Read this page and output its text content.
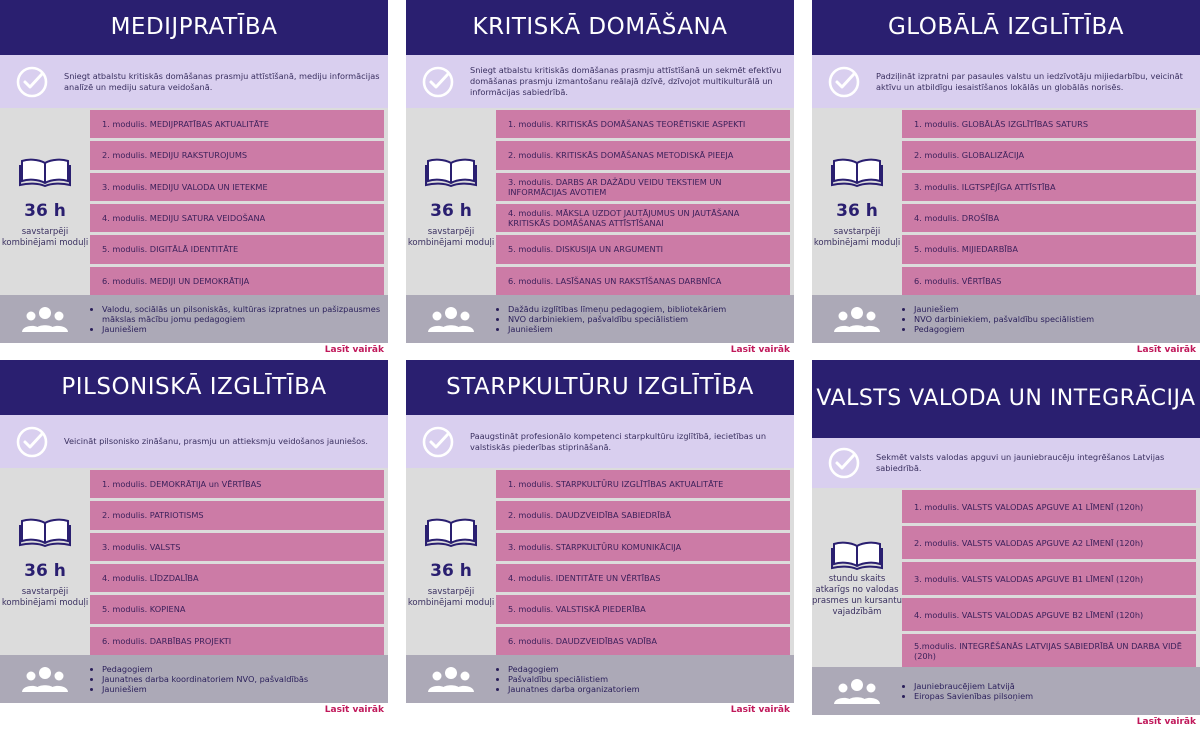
MEDIJPRATĪBA
Sniegt atbalstu kritiskās domāšanas prasmju attīstīšanā, mediju informācijas analīzē un mediju satura veidošanā.
36 h
savstarpēji kombinējami moduļi
1. modulis. MEDIJPRATĪBAS AKTUALITĀTE
2. modulis. MEDIJU RAKSTUROJUMS
3. modulis. MEDIJU VALODA UN IETEKME
4. modulis. MEDIJU SATURA VEIDOŠANA
5. modulis. DIGITĀLĀ IDENTITĀTE
6. modulis. MEDIJI UN DEMOKRĀTIJA
• Valodu, sociālās un pilsoniskās, kultūras izpratnes un pašizpausmes mākslas mācību jomu pedagogiem
• Jauniešiem
Lasīt vairāk
KRITISKĀ DOMĀŠANA
Sniegt atbalstu kritiskās domāšanas prasmju attīstīšanā un sekmēt efektīvu domāšanas prasmju izmantošanu reālajā dzīvē, dzīvojot multikulturālā un informācijas sabiedrībā.
36 h
savstarpēji kombinējami moduļi
1. modulis. KRITISKĀS DOMĀŠANAS TEORĒTISKIE ASPEKTI
2. modulis. KRITISKĀS DOMĀŠANAS METODISKĀ PIEEJA
3. modulis. DARBS AR DAŽĀDU VEIDU TEKSTIEM UN INFORMĀCIJAS AVOTIEM
4. modulis. MĀKSLA UZDOT JAUTĀJUMUS UN JAUTĀŠANA KRITISKĀS DOMĀŠANAS ATTĪSTĪŠANAI
5. modulis. DISKUSIJA UN ARGUMENTI
6. modulis. LASĪŠANAS UN RAKSTĪŠANAS DARBNĪCA
• Dažādu izglītības līmeņu pedagogiem, bibliotekāriem
• NVO darbiniekiem, pašvaldību speciālistiem
• Jauniešiem
Lasīt vairāk
GLOBĀLĀ IZGLĪTĪBA
Padziļināt izpratni par pasaules valstu un iedzīvotāju mijiedarbību, veicināt aktīvu un atbildīgu iesaistīšanos lokālās un globālās norisēs.
36 h
savstarpēji kombinējami moduļi
1. modulis. GLOBĀLĀS IZGLĪTĪBAS SATURS
2. modulis. GLOBALIZĀCIJA
3. modulis. ILGTSPĒJĪGA ATTĪSTĪBA
4. modulis. DROŠĪBA
5. modulis. MIJIEDARBĪBA
6. modulis. VĒRTĪBAS
• Jauniešiem
• NVO darbiniekiem, pašvaldību speciālistiem
• Pedagogiem
Lasīt vairāk
PILSONISKĀ IZGLĪTĪBA
Veicināt pilsonisko zināšanu, prasmju un attieksmju veidošanos jauniešos.
36 h
savstarpēji kombinējami moduļi
1. modulis. DEMOKRĀTIJA un VĒRTĪBAS
2. modulis. PATRIOTISMS
3. modulis. VALSTS
4. modulis. LĪDZDALĪBA
5. modulis. KOPIENA
6. modulis. DARBĪBAS PROJEKTI
• Pedagogiem
• Jaunatnes darba koordinatoriem NVO, pašvaldībās
• Jauniešiem
Lasīt vairāk
STARPKULTŪRU IZGLĪTĪBA
Paaugstināt profesionālo kompetenci starpkultūru izglītībā, iecietības un valstiskās piederības stiprināšanā.
36 h
savstarpēji kombinējami moduļi
1. modulis. STARPKULTŪRU IZGLĪTĪBAS AKTUALITĀTE
2. modulis. DAUDZVEIDĪBA SABIEDRĪBĀ
3. modulis. STARPKULTŪRU KOMUNIKĀCIJA
4. modulis. IDENTITĀTE UN VĒRTĪBAS
5. modulis. VALSTISKĀ PIEDERĪBA
6. modulis. DAUDZVEIDĪBAS VADĪBA
• Pedagogiem
• Pašvaldību speciālistiem
• Jaunatnes darba organizatoriem
Lasīt vairāk
VALSTS VALODA UN INTEGRĀCIJA
Sekmēt valsts valodas apguvi un jauniebraucēju integrēšanos Latvijas sabiedrībā.
stundu skaits atkarīgs no valodas prasmes un kursantu vajadzībām
1. modulis. VALSTS VALODAS APGUVE A1 LĪMENĪ (120h)
2. modulis. VALSTS VALODAS APGUVE A2 LĪMENĪ (120h)
3. modulis. VALSTS VALODAS APGUVE B1 LĪMENĪ (120h)
4. modulis. VALSTS VALODAS APGUVE B2 LĪMENĪ (120h)
5.modulis. INTEGRĒŠANĀS LATVIJAS SABIEDRĪBĀ UN DARBA VIDĒ (20h)
• Jauniebraucējiem Latvijā
• Eiropas Savienības pilsoņiem
Lasīt vairāk
